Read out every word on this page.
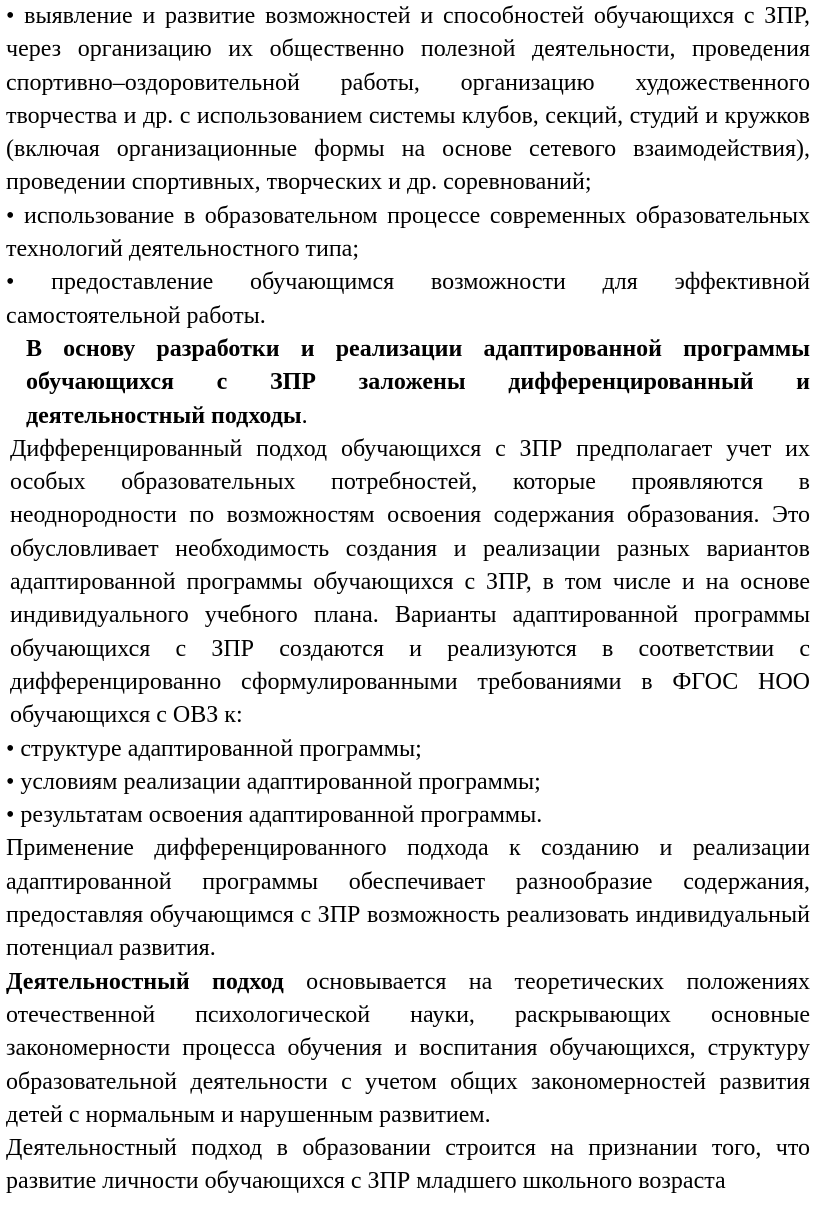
• выявление и развитие возможностей и способностей обучающихся с ЗПР, через организацию их общественно полезной деятельности, проведения спортивно–оздоровительной работы, организацию художественного творчества и др. с использованием системы клубов, секций, студий и кружков (включая организационные формы на основе сетевого взаимодействия), проведении спортивных, творческих и др. соревнований;

• использование в образовательном процессе современных образовательных технологий деятельностного типа;

• предоставление обучающимся возможности для эффективной самостоятельной работы.

В основу разработки и реализации адаптированной программы обучающихся с ЗПР заложены дифференцированный и деятельностный подходы.

Дифференцированный подход обучающихся с ЗПР предполагает учет их особых образовательных потребностей, которые проявляются в неоднородности по возможностям освоения содержания образования. Это обусловливает необходимость создания и реализации разных вариантов адаптированной программы обучающихся с ЗПР, в том числе и на основе индивидуального учебного плана. Варианты адаптированной программы обучающихся с ЗПР создаются и реализуются в соответствии с дифференцированно сформулированными требованиями в ФГОС НОО обучающихся с ОВЗ к:

• структуре адаптированной программы;

• условиям реализации адаптированной программы;

• результатам освоения адаптированной программы.

Применение дифференцированного подхода к созданию и реализации адаптированной программы обеспечивает разнообразие содержания, предоставляя обучающимся с ЗПР возможность реализовать индивидуальный потенциал развития.

Деятельностный подход основывается на теоретических положениях отечественной психологической науки, раскрывающих основные закономерности процесса обучения и воспитания обучающихся, структуру образовательной деятельности с учетом общих закономерностей развития детей с нормальным и нарушенным развитием.

Деятельностный подход в образовании строится на признании того, что развитие личности обучающихся с ЗПР младшего школьного возраста
